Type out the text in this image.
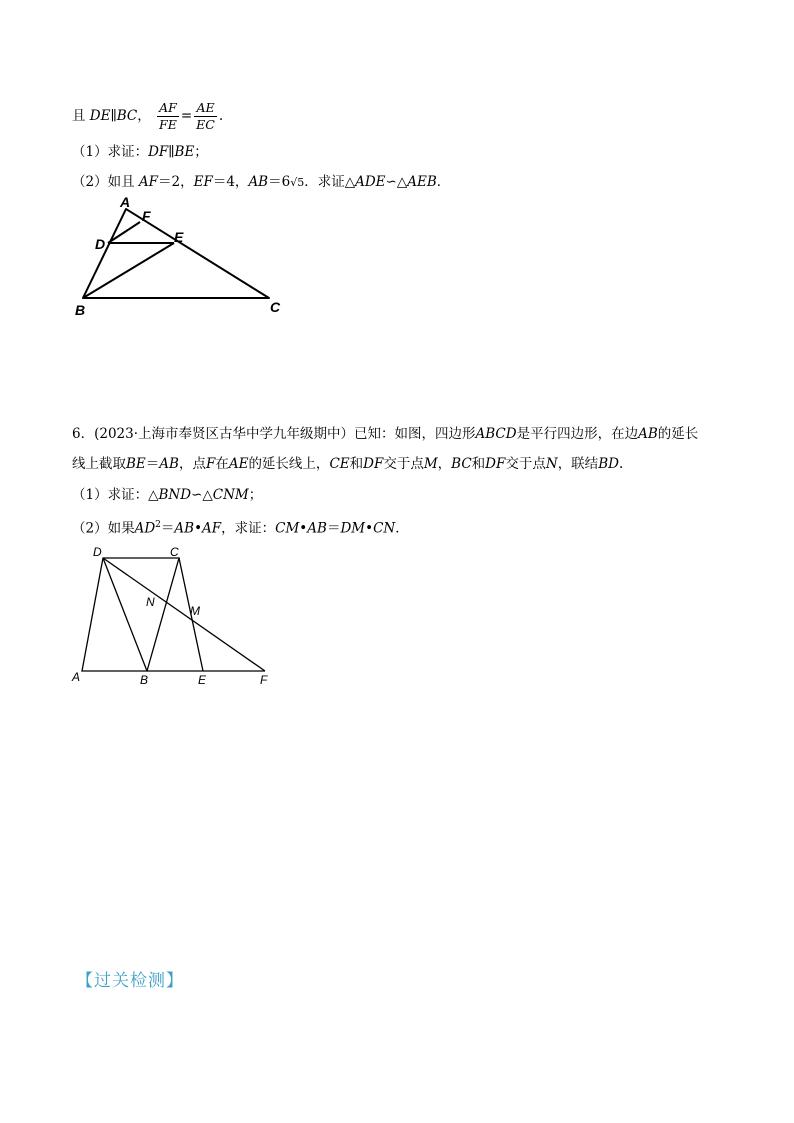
且 DE∥BC， $\frac{AF}{FE} = \frac{AE}{EC}$ .
（1）求证：DF∥BE；
（2）如且 AF＝2，EF＝4，AB＝6√5．求证△ADE∽△AEB．
A
F
D	E
B	C
6．(2023·上海市奉贤区古华中学九年级期中）已知：如图，四边形ABCD是平行四边形，在边AB的延长
线上截取BE＝AB，点F在AE的延长线上，CE和DF交于点M，BC和DF交于点N，联结BD.
（1）求证：△BND∽△CNM；
（2）如果$AD^2=AB•AF$，求证：CM•AB＝DM•CN．
D	C
N
M
A	B	E	F
【过关检测】
